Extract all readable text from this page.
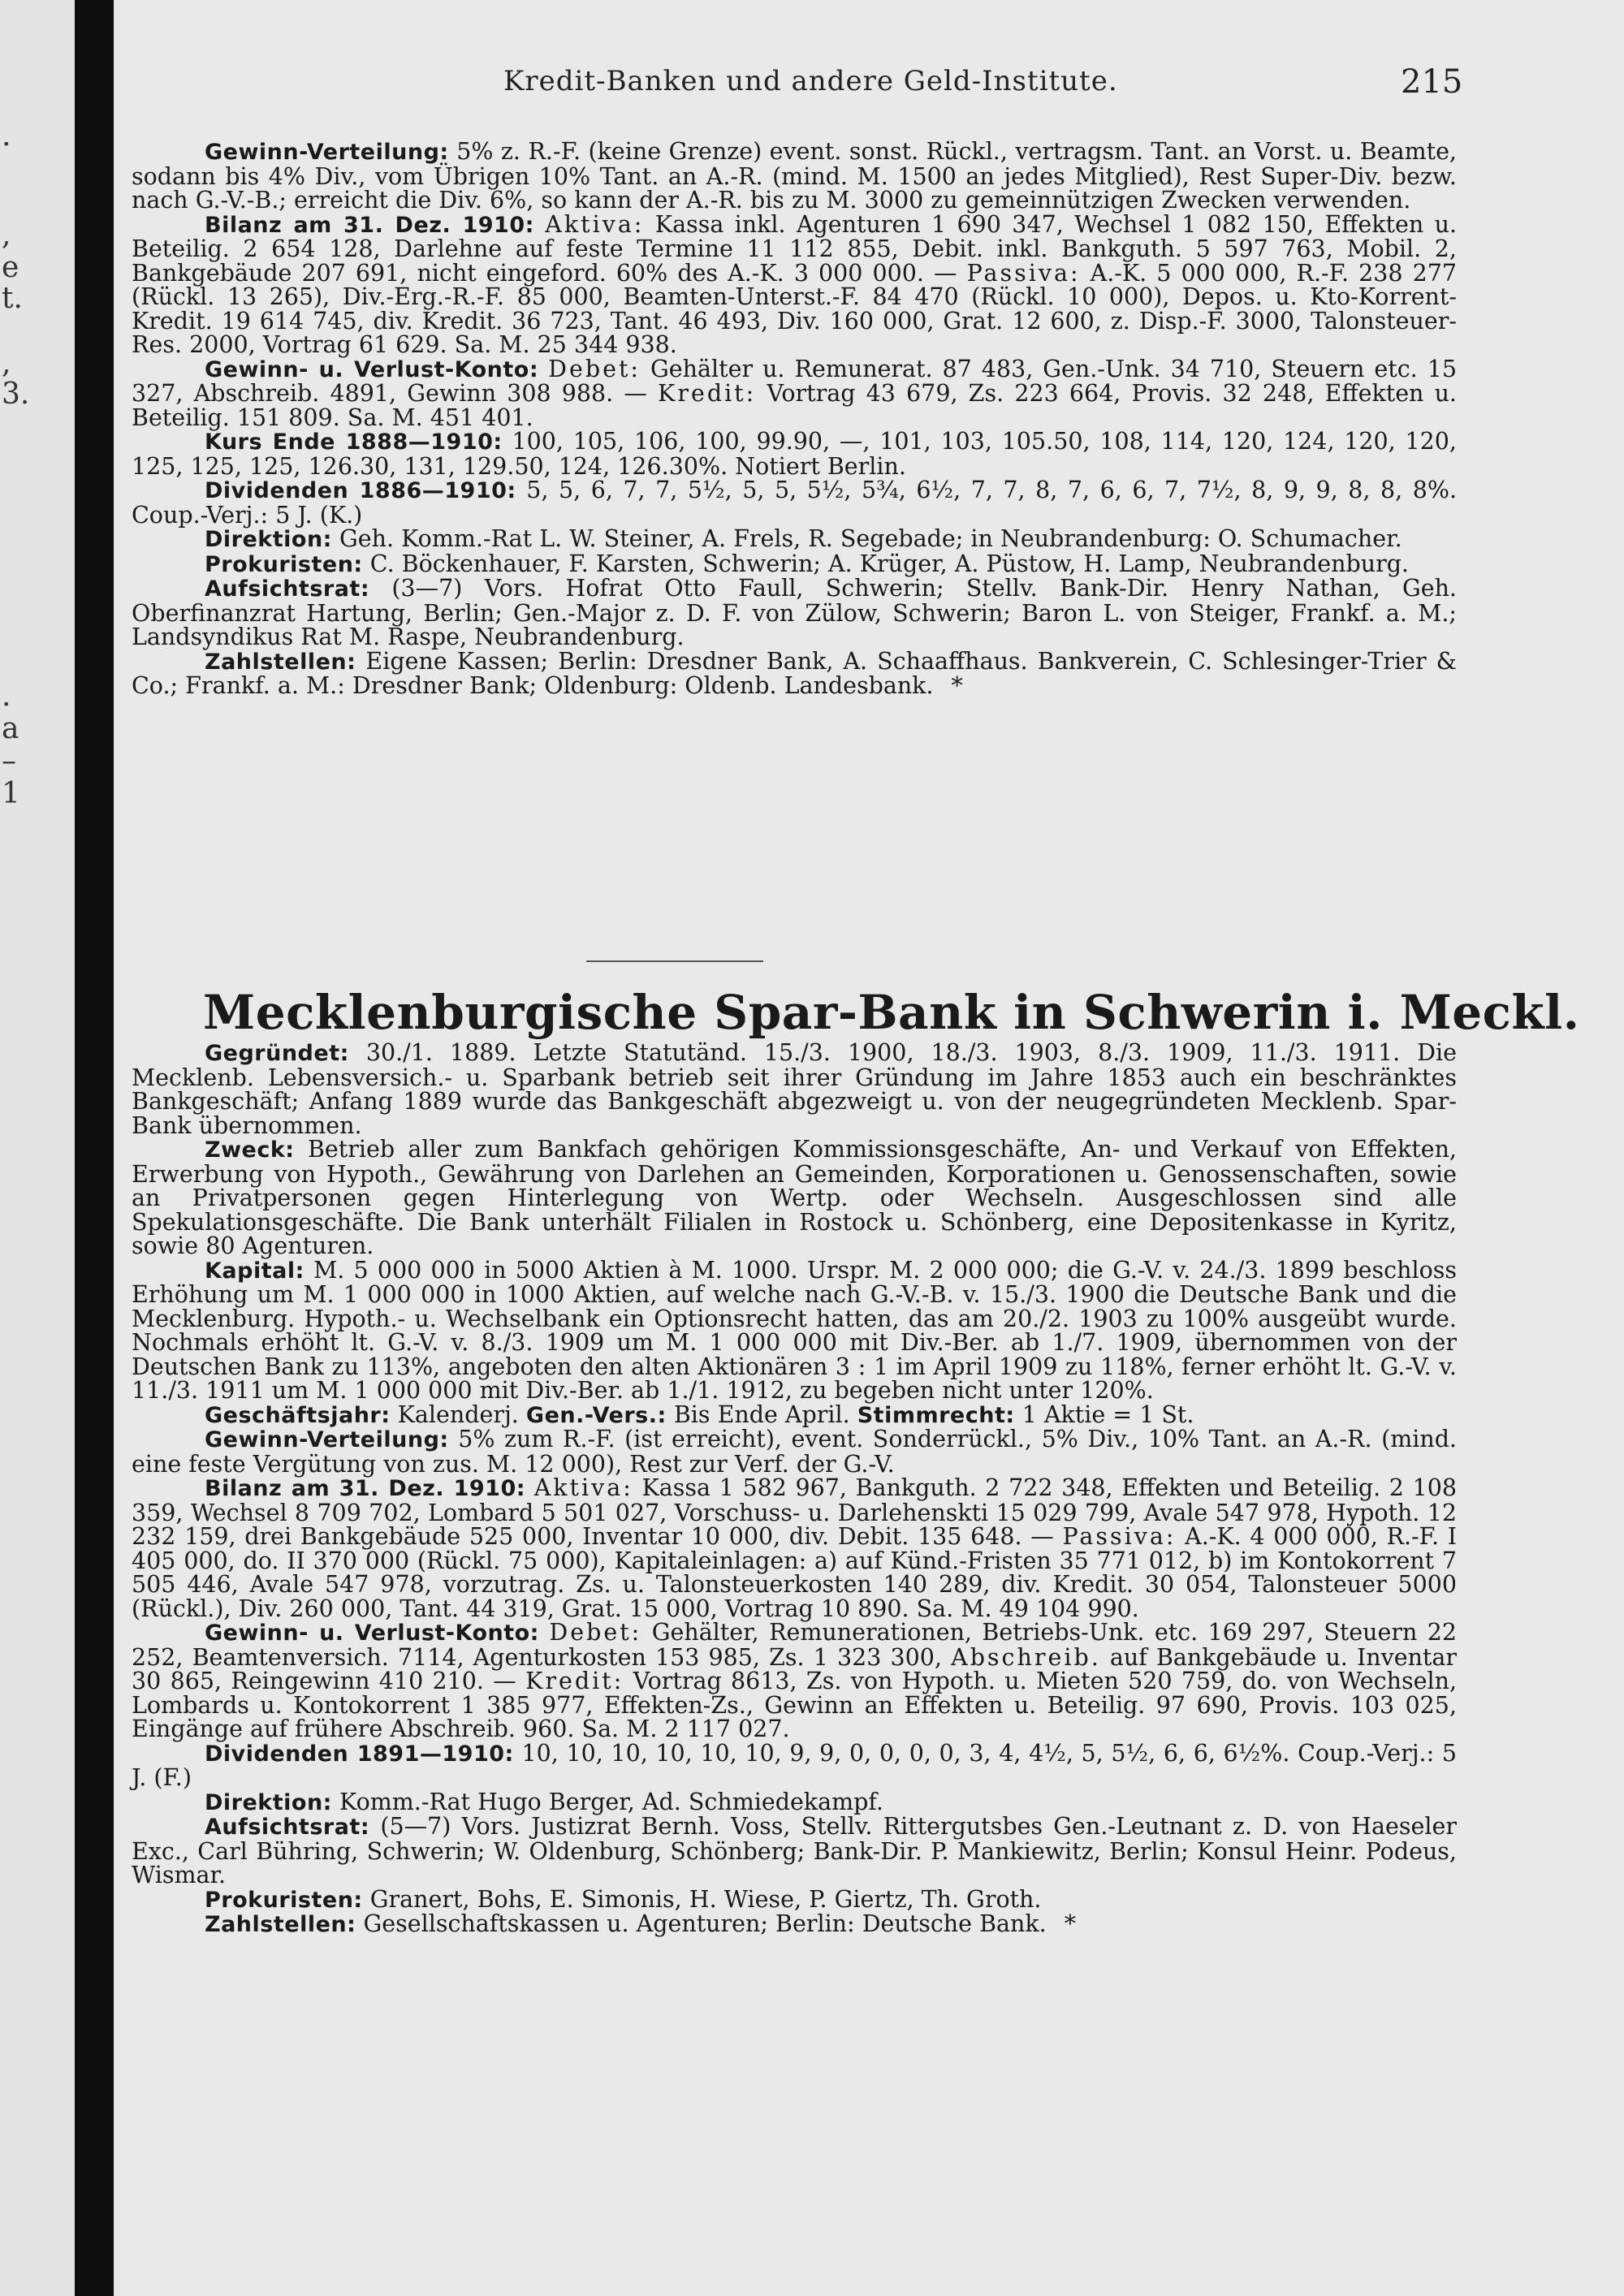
.
,
e
t.
,
3.
.
a
–
1
Kredit-Banken und andere Geld-Institute.	215

Gewinn-Verteilung: 5% z. R.-F. (keine Grenze) event. sonst. Rückl., vertragsm. Tant. an Vorst. u. Beamte, sodann bis 4% Div., vom Übrigen 10% Tant. an A.-R. (mind. M. 1500 an jedes Mitglied), Rest Super-Div. bezw. nach G.-V.-B.; erreicht die Div. 6%, so kann der A.-R. bis zu M. 3000 zu gemeinnützigen Zwecken verwenden.

Bilanz am 31. Dez. 1910: Aktiva: Kassa inkl. Agenturen 1 690 347, Wechsel 1 082 150, Effekten u. Beteilig. 2 654 128, Darlehne auf feste Termine 11 112 855, Debit. inkl. Bankguth. 5 597 763, Mobil. 2, Bankgebäude 207 691, nicht eingeford. 60% des A.-K. 3 000 000. — Passiva: A.-K. 5 000 000, R.-F. 238 277 (Rückl. 13 265), Div.-Erg.-R.-F. 85 000, Beamten-Unterst.-F. 84 470 (Rückl. 10 000), Depos. u. Kto-Korrent-Kredit. 19 614 745, div. Kredit. 36 723, Tant. 46 493, Div. 160 000, Grat. 12 600, z. Disp.-F. 3000, Talonsteuer-Res. 2000, Vortrag 61 629. Sa. M. 25 344 938.

Gewinn- u. Verlust-Konto: Debet: Gehälter u. Remunerat. 87 483, Gen.-Unk. 34 710, Steuern etc. 15 327, Abschreib. 4891, Gewinn 308 988. — Kredit: Vortrag 43 679, Zs. 223 664, Provis. 32 248, Effekten u. Beteilig. 151 809. Sa. M. 451 401.

Kurs Ende 1888—1910: 100, 105, 106, 100, 99.90, —, 101, 103, 105.50, 108, 114, 120, 124, 120, 120, 125, 125, 125, 126.30, 131, 129.50, 124, 126.30%. Notiert Berlin.

Dividenden 1886—1910: 5, 5, 6, 7, 7, 5½, 5, 5, 5½, 5¾, 6½, 7, 7, 8, 7, 6, 6, 7, 7½, 8, 9, 9, 8, 8, 8%. Coup.-Verj.: 5 J. (K.)

Direktion: Geh. Komm.-Rat L. W. Steiner, A. Frels, R. Segebade; in Neubrandenburg: O. Schumacher.

Prokuristen: C. Böckenhauer, F. Karsten, Schwerin; A. Krüger, A. Püstow, H. Lamp, Neubrandenburg.

Aufsichtsrat: (3—7) Vors. Hofrat Otto Faull, Schwerin; Stellv. Bank-Dir. Henry Nathan, Geh. Oberfinanzrat Hartung, Berlin; Gen.-Major z. D. F. von Zülow, Schwerin; Baron L. von Steiger, Frankf. a. M.; Landsyndikus Rat M. Raspe, Neubrandenburg.

Zahlstellen: Eigene Kassen; Berlin: Dresdner Bank, A. Schaaffhaus. Bankverein, C. Schlesinger-Trier & Co.; Frankf. a. M.: Dresdner Bank; Oldenburg: Oldenb. Landesbank. *

Mecklenburgische Spar-Bank in Schwerin i. Meckl.

Gegründet: 30./1. 1889. Letzte Statutänd. 15./3. 1900, 18./3. 1903, 8./3. 1909, 11./3. 1911. Die Mecklenb. Lebensversich.- u. Sparbank betrieb seit ihrer Gründung im Jahre 1853 auch ein beschränktes Bankgeschäft; Anfang 1889 wurde das Bankgeschäft abgezweigt u. von der neugegründeten Mecklenb. Spar-Bank übernommen.

Zweck: Betrieb aller zum Bankfach gehörigen Kommissionsgeschäfte, An- und Verkauf von Effekten, Erwerbung von Hypoth., Gewährung von Darlehen an Gemeinden, Korporationen u. Genossenschaften, sowie an Privatpersonen gegen Hinterlegung von Wertp. oder Wechseln. Ausgeschlossen sind alle Spekulationsgeschäfte. Die Bank unterhält Filialen in Rostock u. Schönberg, eine Depositenkasse in Kyritz, sowie 80 Agenturen.

Kapital: M. 5 000 000 in 5000 Aktien à M. 1000. Urspr. M. 2 000 000; die G.-V. v. 24./3. 1899 beschloss Erhöhung um M. 1 000 000 in 1000 Aktien, auf welche nach G.-V.-B. v. 15./3. 1900 die Deutsche Bank und die Mecklenburg. Hypoth.- u. Wechselbank ein Optionsrecht hatten, das am 20./2. 1903 zu 100% ausgeübt wurde. Nochmals erhöht lt. G.-V. v. 8./3. 1909 um M. 1 000 000 mit Div.-Ber. ab 1./7. 1909, übernommen von der Deutschen Bank zu 113%, angeboten den alten Aktionären 3 : 1 im April 1909 zu 118%, ferner erhöht lt. G.-V. v. 11./3. 1911 um M. 1 000 000 mit Div.-Ber. ab 1./1. 1912, zu begeben nicht unter 120%.

Geschäftsjahr: Kalenderj. Gen.-Vers.: Bis Ende April. Stimmrecht: 1 Aktie = 1 St.

Gewinn-Verteilung: 5% zum R.-F. (ist erreicht), event. Sonderrückl., 5% Div., 10% Tant. an A.-R. (mind. eine feste Vergütung von zus. M. 12 000), Rest zur Verf. der G.-V.

Bilanz am 31. Dez. 1910: Aktiva: Kassa 1 582 967, Bankguth. 2 722 348, Effekten und Beteilig. 2 108 359, Wechsel 8 709 702, Lombard 5 501 027, Vorschuss- u. Darlehenskti 15 029 799, Avale 547 978, Hypoth. 12 232 159, drei Bankgebäude 525 000, Inventar 10 000, div. Debit. 135 648. — Passiva: A.-K. 4 000 000, R.-F. I 405 000, do. II 370 000 (Rückl. 75 000), Kapitaleinlagen: a) auf Künd.-Fristen 35 771 012, b) im Kontokorrent 7 505 446, Avale 547 978, vorzutrag. Zs. u. Talonsteuerkosten 140 289, div. Kredit. 30 054, Talonsteuer 5000 (Rückl.), Div. 260 000, Tant. 44 319, Grat. 15 000, Vortrag 10 890. Sa. M. 49 104 990.

Gewinn- u. Verlust-Konto: Debet: Gehälter, Remunerationen, Betriebs-Unk. etc. 169 297, Steuern 22 252, Beamtenversich. 7114, Agenturkosten 153 985, Zs. 1 323 300, Abschreib. auf Bankgebäude u. Inventar 30 865, Reingewinn 410 210. — Kredit: Vortrag 8613, Zs. von Hypoth. u. Mieten 520 759, do. von Wechseln, Lombards u. Kontokorrent 1 385 977, Effekten-Zs., Gewinn an Effekten u. Beteilig. 97 690, Provis. 103 025, Eingänge auf frühere Abschreib. 960. Sa. M. 2 117 027.

Dividenden 1891—1910: 10, 10, 10, 10, 10, 10, 9, 9, 0, 0, 0, 0, 3, 4, 4½, 5, 5½, 6, 6, 6½%. Coup.-Verj.: 5 J. (F.)

Direktion: Komm.-Rat Hugo Berger, Ad. Schmiedekampf.

Aufsichtsrat: (5—7) Vors. Justizrat Bernh. Voss, Stellv. Rittergutsbes Gen.-Leutnant z. D. von Haeseler Exc., Carl Bühring, Schwerin; W. Oldenburg, Schönberg; Bank-Dir. P. Mankiewitz, Berlin; Konsul Heinr. Podeus, Wismar.

Prokuristen: Granert, Bohs, E. Simonis, H. Wiese, P. Giertz, Th. Groth.

Zahlstellen: Gesellschaftskassen u. Agenturen; Berlin: Deutsche Bank. *
